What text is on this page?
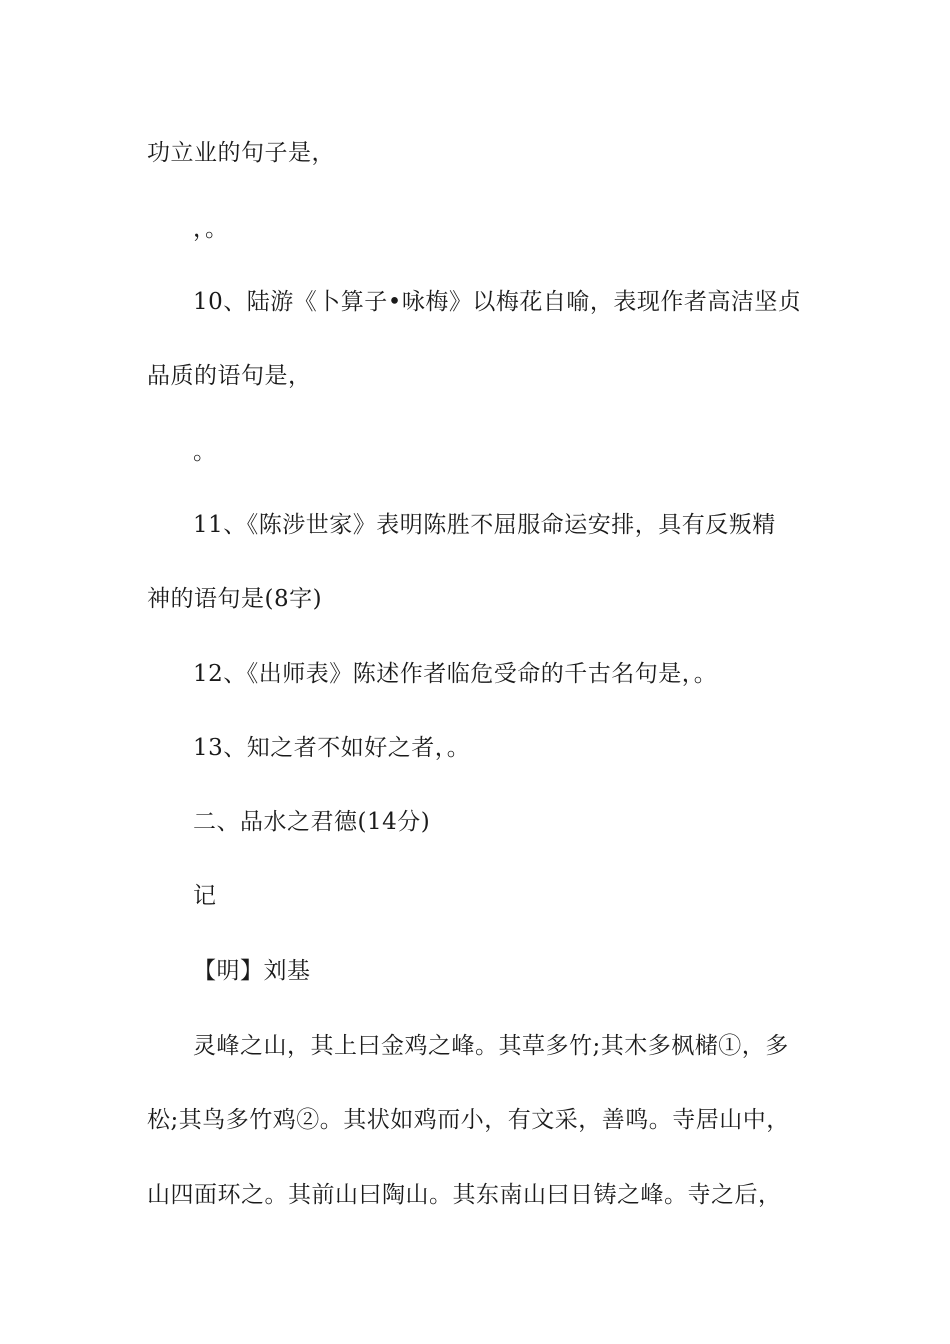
功立业的句子是，
，。
10、陆游《卜算子•咏梅》以梅花自喻，表现作者高洁坚贞
品质的语句是，
。
11、《陈涉世家》表明陈胜不屈服命运安排，具有反叛精
神的语句是(8字)
12、《出师表》陈述作者临危受命的千古名句是，。
13、知之者不如好之者，。
二、品水之君德(14分)
记
【明】刘基
灵峰之山，其上曰金鸡之峰。其草多竹;其木多枫槠①，多
松;其鸟多竹鸡②。其状如鸡而小，有文采，善鸣。寺居山中，
山四面环之。其前山曰陶山。其东南山曰日铸之峰。寺之后，
